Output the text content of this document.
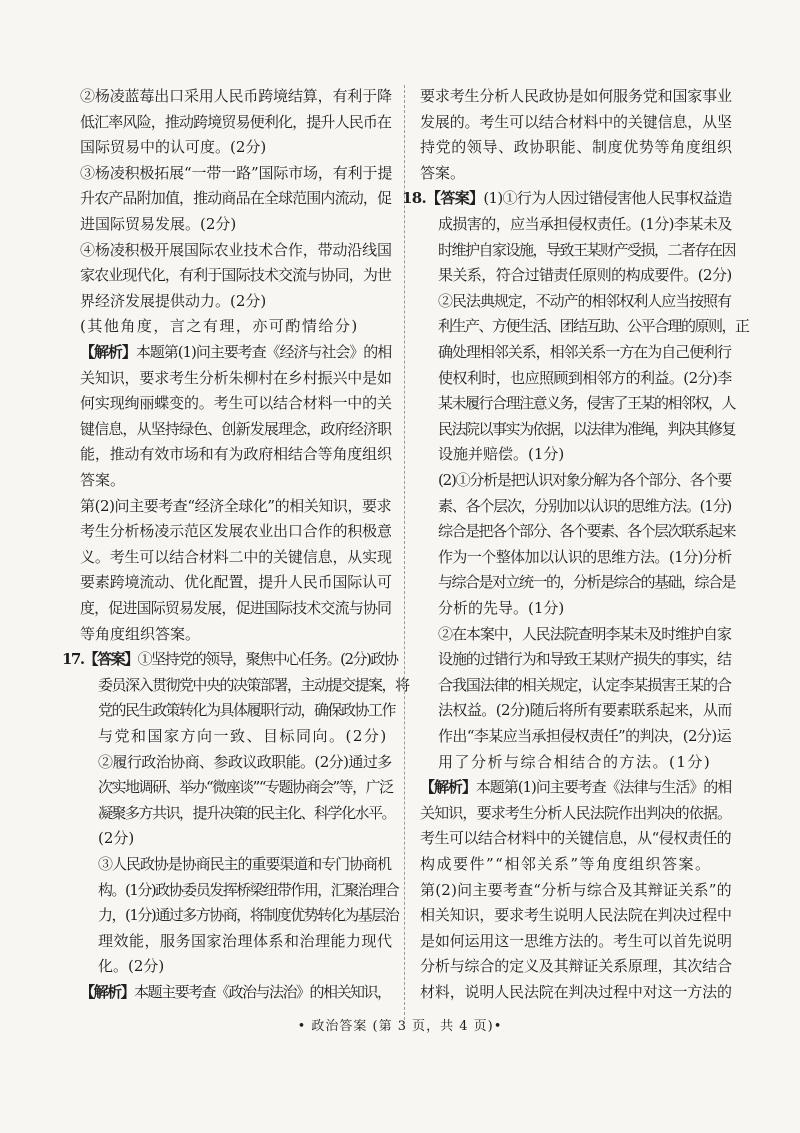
②杨凌蓝莓出口采用人民币跨境结算，有利于降
低汇率风险，推动跨境贸易便利化，提升人民币在
国际贸易中的认可度。(2分)
③杨凌积极拓展“一带一路”国际市场，有利于提
升农产品附加值，推动商品在全球范围内流动，促
进国际贸易发展。(2分)
④杨凌积极开展国际农业技术合作，带动沿线国
家农业现代化，有利于国际技术交流与协同，为世
界经济发展提供动力。(2分)
(其他角度，言之有理，亦可酌情给分)
【解析】本题第(1)问主要考查《经济与社会》的相
关知识，要求考生分析朱柳村在乡村振兴中是如
何实现绚丽蝶变的。考生可以结合材料一中的关
键信息，从坚持绿色、创新发展理念，政府经济职
能，推动有效市场和有为政府相结合等角度组织
答案。
第(2)问主要考查“经济全球化”的相关知识，要求
考生分析杨凌示范区发展农业出口合作的积极意
义。考生可以结合材料二中的关键信息，从实现
要素跨境流动、优化配置，提升人民币国际认可
度，促进国际贸易发展，促进国际技术交流与协同
等角度组织答案。
17.【答案】①坚持党的领导，聚焦中心任务。(2分)政协
委员深入贯彻党中央的决策部署，主动提交提案，将
党的民生政策转化为具体履职行动，确保政协工作
与党和国家方向一致、目标同向。(2分)
②履行政治协商、参政议政职能。(2分)通过多
次实地调研、举办“微座谈”“专题协商会”等，广泛
凝聚多方共识，提升决策的民主化、科学化水平。
(2分)
③人民政协是协商民主的重要渠道和专门协商机
构。(1分)政协委员发挥桥梁纽带作用，汇聚治理合
力，(1分)通过多方协商，将制度优势转化为基层治
理效能，服务国家治理体系和治理能力现代
化。(2分)
【解析】本题主要考查《政治与法治》的相关知识，
要求考生分析人民政协是如何服务党和国家事业
发展的。考生可以结合材料中的关键信息，从坚
持党的领导、政协职能、制度优势等角度组织
答案。
18.【答案】(1)①行为人因过错侵害他人民事权益造
成损害的，应当承担侵权责任。(1分)李某未及
时维护自家设施，导致王某财产受损，二者存在因
果关系，符合过错责任原则的构成要件。(2分)
②民法典规定，不动产的相邻权利人应当按照有
利生产、方便生活、团结互助、公平合理的原则，正
确处理相邻关系，相邻关系一方在为自己便利行
使权利时，也应照顾到相邻方的利益。(2分)李
某未履行合理注意义务，侵害了王某的相邻权，人
民法院以事实为依据，以法律为准绳，判决其修复
设施并赔偿。(1分)
(2)①分析是把认识对象分解为各个部分、各个要
素、各个层次，分别加以认识的思维方法。(1分)
综合是把各个部分、各个要素、各个层次联系起来
作为一个整体加以认识的思维方法。(1分)分析
与综合是对立统一的，分析是综合的基础，综合是
分析的先导。(1分)
②在本案中，人民法院查明李某未及时维护自家
设施的过错行为和导致王某财产损失的事实，结
合我国法律的相关规定，认定李某损害王某的合
法权益。(2分)随后将所有要素联系起来，从而
作出“李某应当承担侵权责任”的判决，(2分)运
用了分析与综合相结合的方法。(1分)
【解析】本题第(1)问主要考查《法律与生活》的相
关知识，要求考生分析人民法院作出判决的依据。
考生可以结合材料中的关键信息，从“侵权责任的
构成要件”“相邻关系”等角度组织答案。
第(2)问主要考查“分析与综合及其辩证关系”的
相关知识，要求考生说明人民法院在判决过程中
是如何运用这一思维方法的。考生可以首先说明
分析与综合的定义及其辩证关系原理，其次结合
材料，说明人民法院在判决过程中对这一方法的
• 政治答案 (第 3 页，共 4 页)•
